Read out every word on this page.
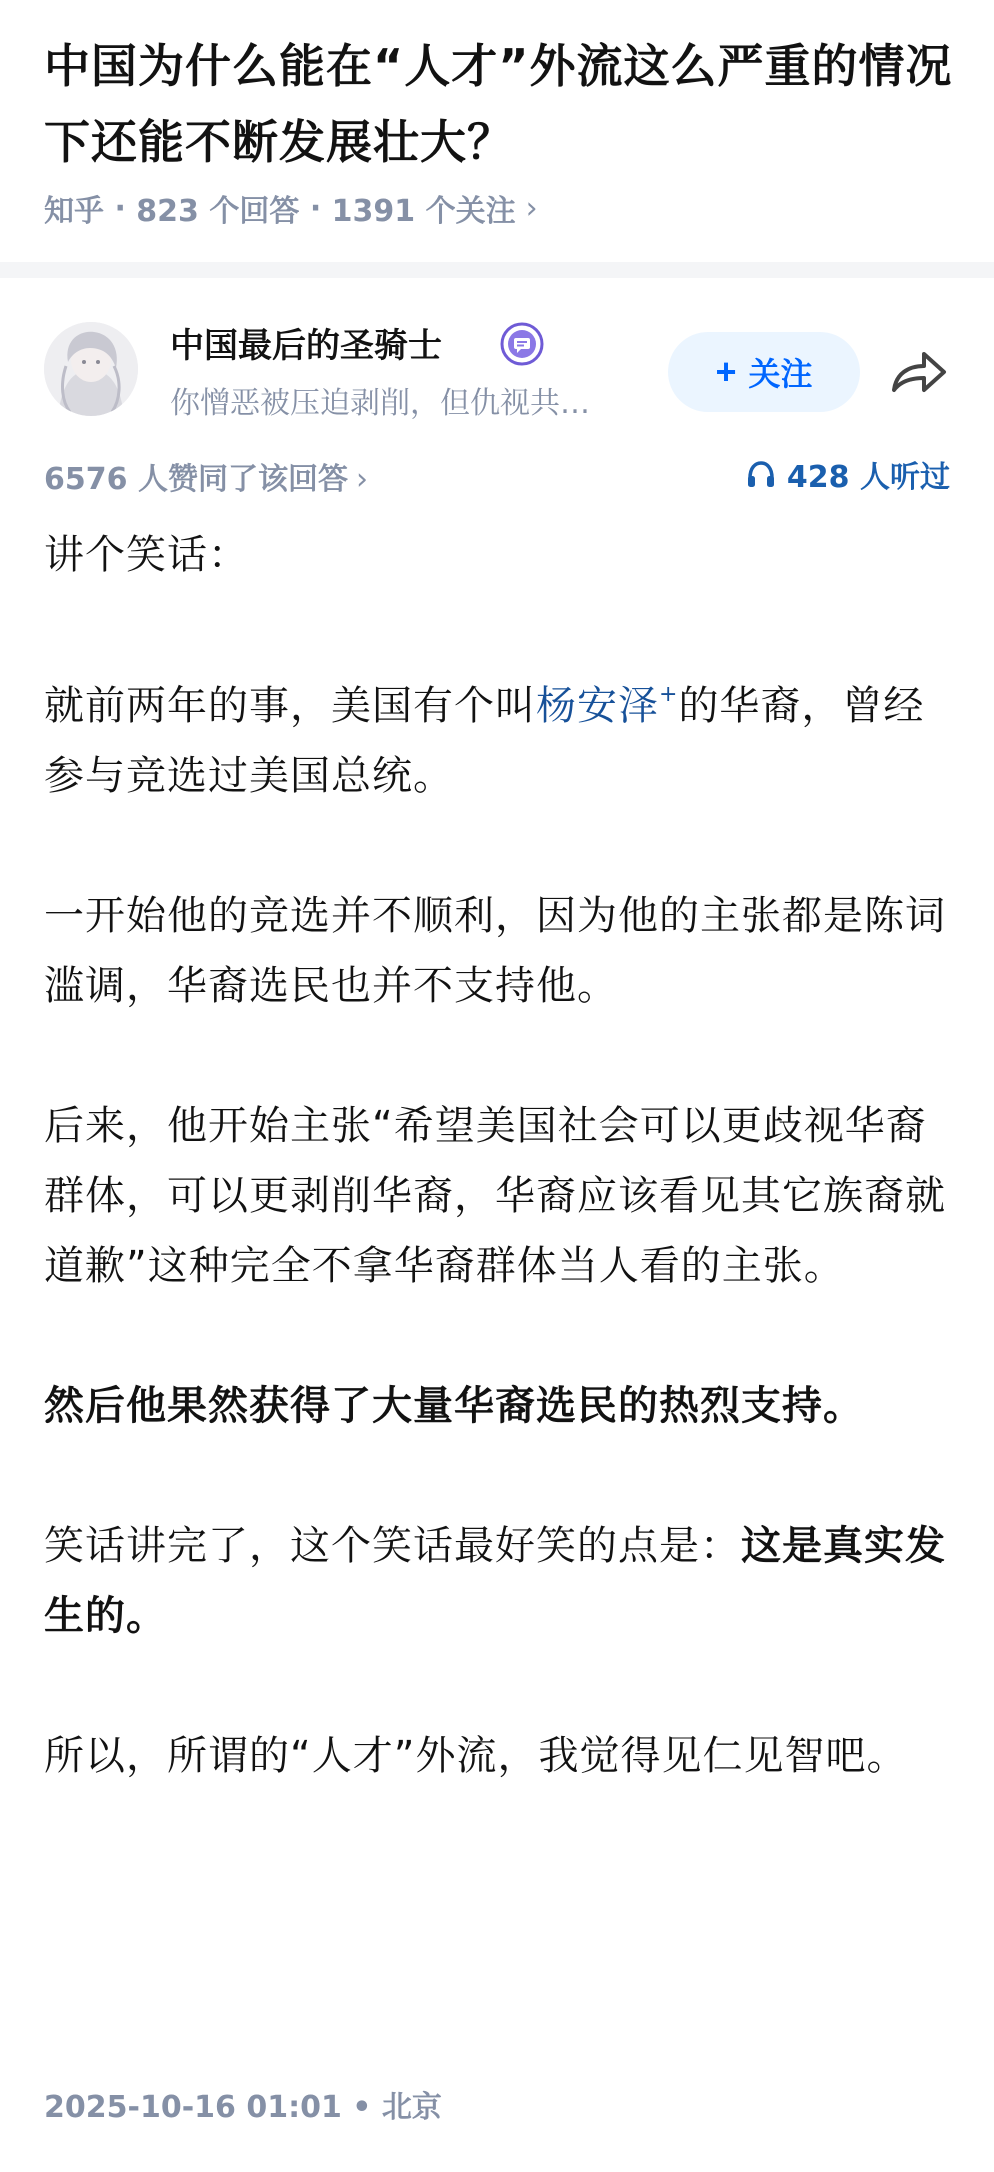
中国为什么能在“人才”外流这么严重的情况下还能不断发展壮大？
知乎 · 823 个回答 · 1391 个关注 ›
中国最后的圣骑士
你憎恶被压迫剥削，但仇视共…
+ 关注
6576 人赞同了该回答 ›	428 人听过

讲个笑话：

就前两年的事，美国有个叫杨安泽+的华裔，曾经参与竞选过美国总统。

一开始他的竞选并不顺利，因为他的主张都是陈词滥调，华裔选民也并不支持他。

后来，他开始主张“希望美国社会可以更歧视华裔群体，可以更剥削华裔，华裔应该看见其它族裔就道歉”这种完全不拿华裔群体当人看的主张。

然后他果然获得了大量华裔选民的热烈支持。

笑话讲完了，这个笑话最好笑的点是：这是真实发生的。

所以，所谓的“人才”外流，我觉得见仁见智吧。

2025-10-16 01:01 • 北京
